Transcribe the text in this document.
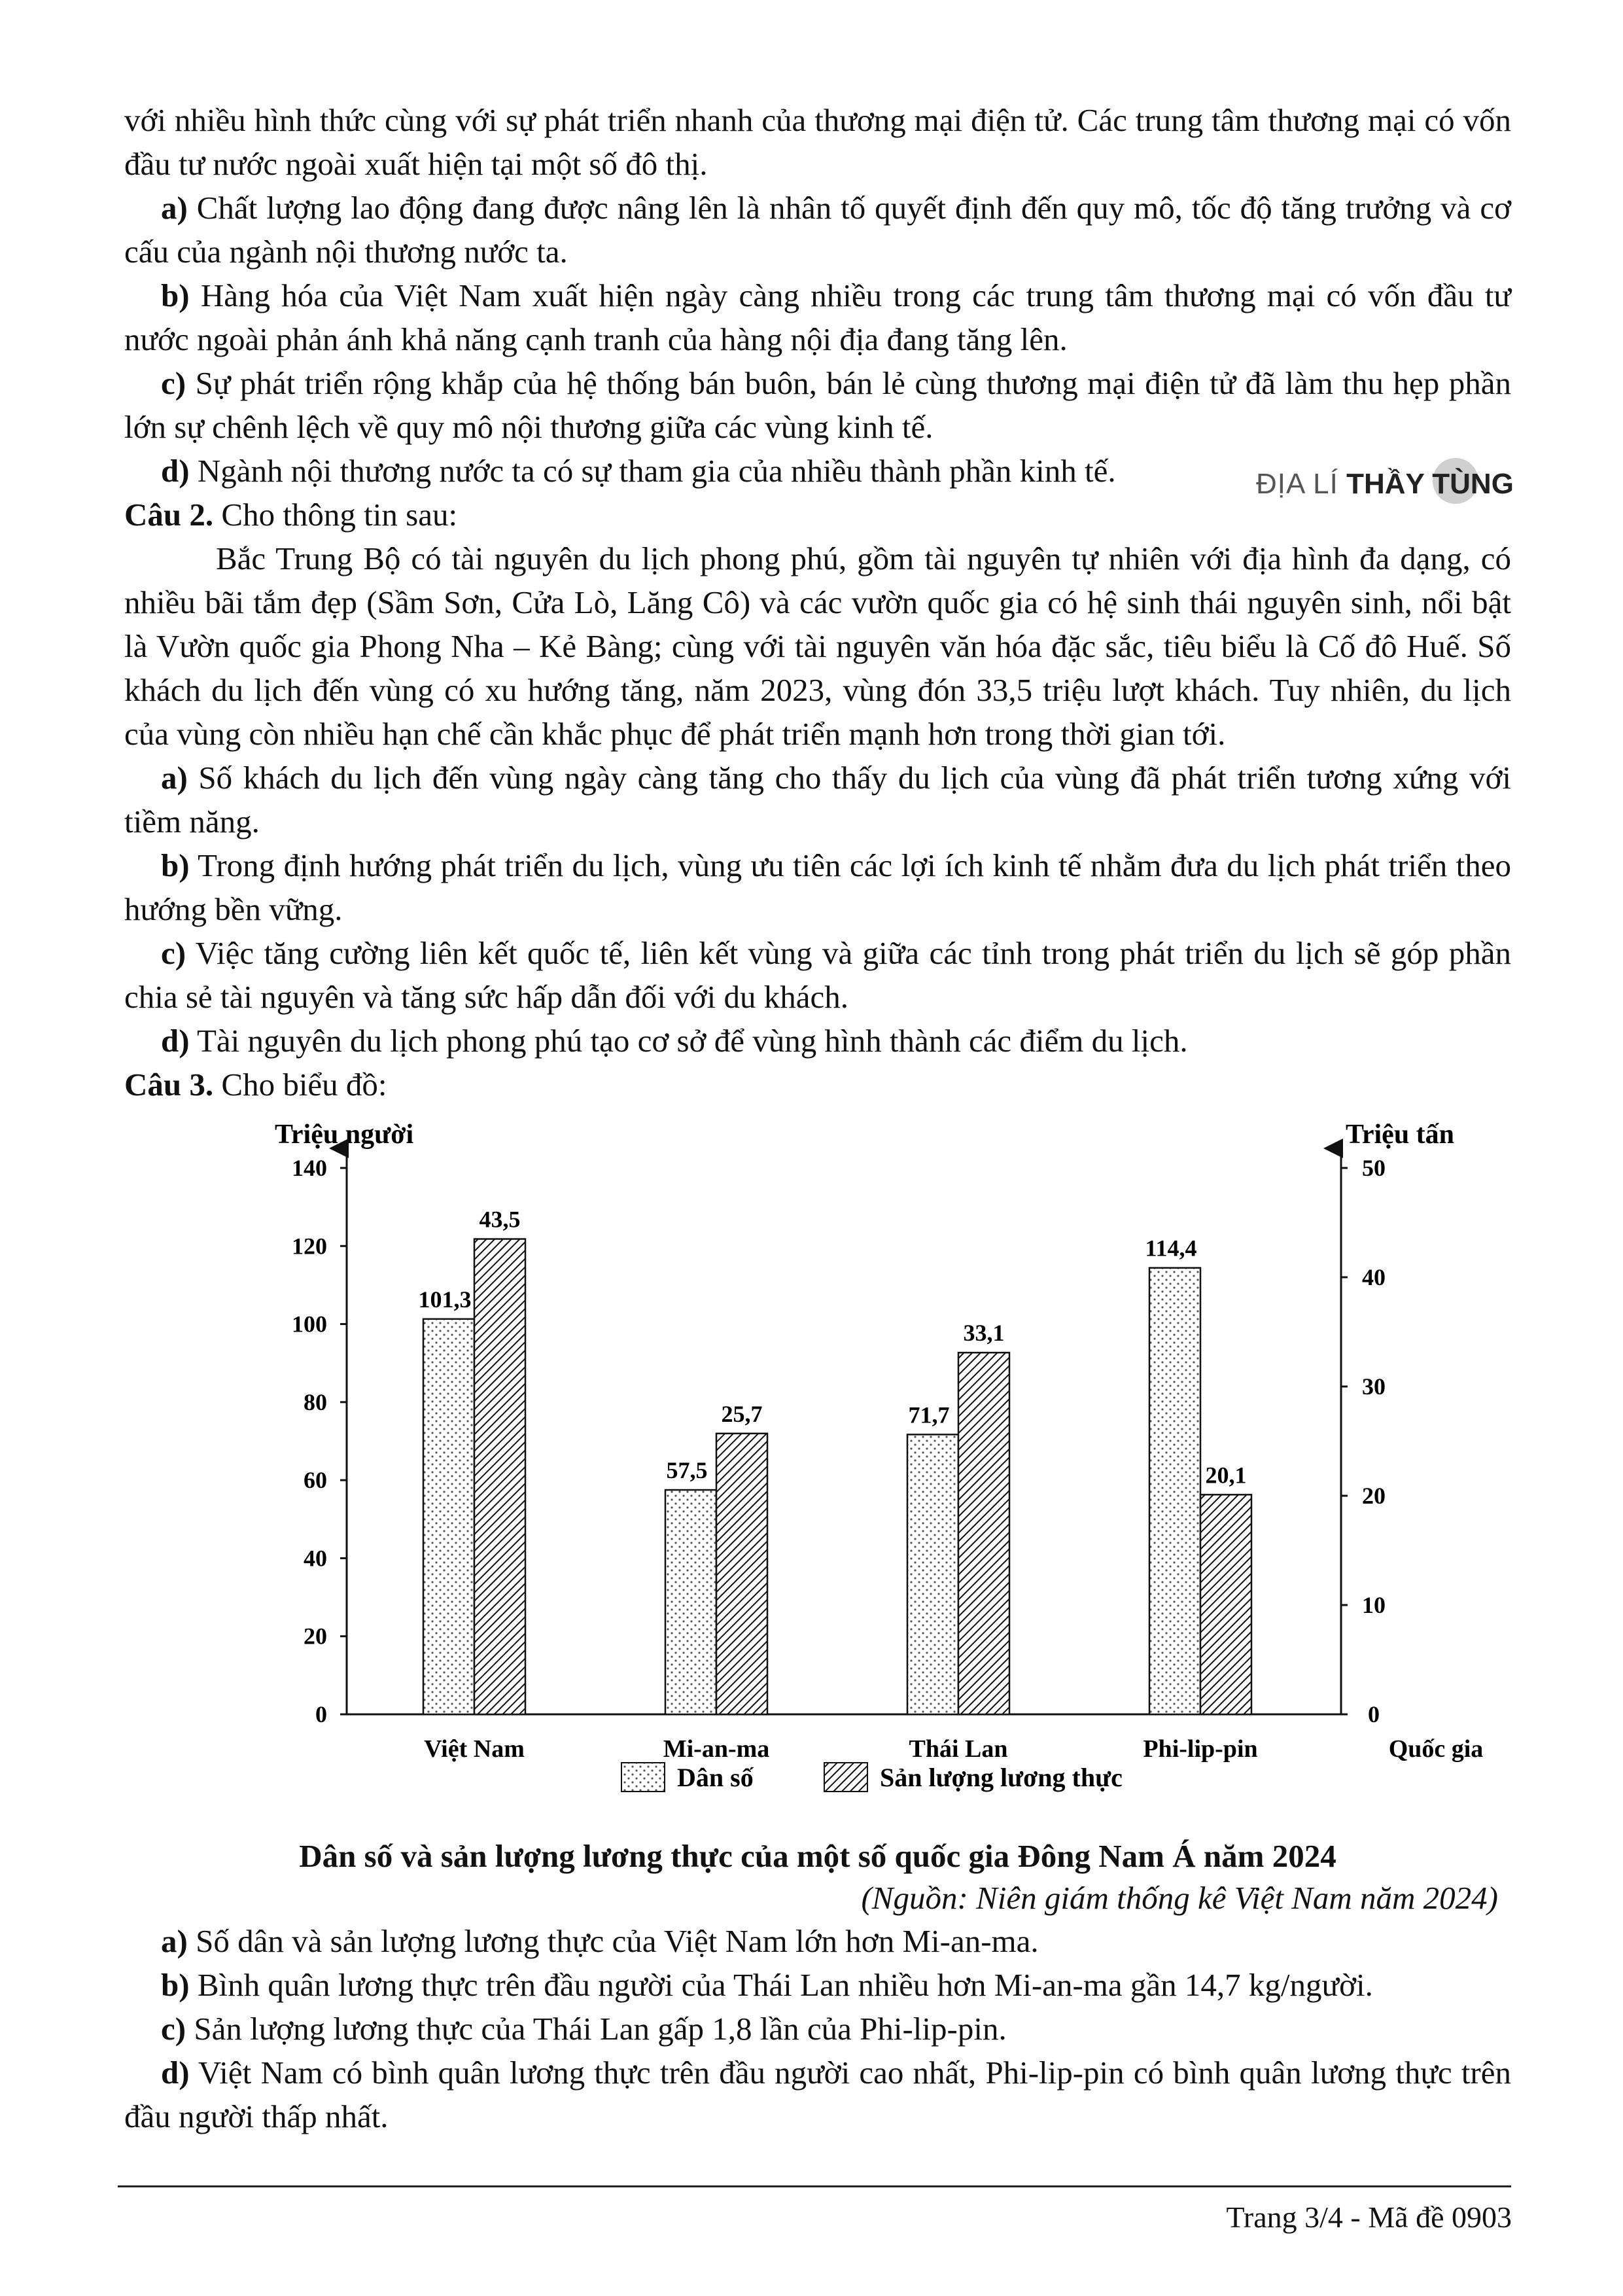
với nhiều hình thức cùng với sự phát triển nhanh của thương mại điện tử. Các trung tâm thương mại có vốn đầu tư nước ngoài xuất hiện tại một số đô thị.

a) Chất lượng lao động đang được nâng lên là nhân tố quyết định đến quy mô, tốc độ tăng trưởng và cơ cấu của ngành nội thương nước ta.

b) Hàng hóa của Việt Nam xuất hiện ngày càng nhiều trong các trung tâm thương mại có vốn đầu tư nước ngoài phản ánh khả năng cạnh tranh của hàng nội địa đang tăng lên.

c) Sự phát triển rộng khắp của hệ thống bán buôn, bán lẻ cùng thương mại điện tử đã làm thu hẹp phần lớn sự chênh lệch về quy mô nội thương giữa các vùng kinh tế.

d) Ngành nội thương nước ta có sự tham gia của nhiều thành phần kinh tế.

Câu 2. Cho thông tin sau:

Bắc Trung Bộ có tài nguyên du lịch phong phú, gồm tài nguyên tự nhiên với địa hình đa dạng, có nhiều bãi tắm đẹp (Sầm Sơn, Cửa Lò, Lăng Cô) và các vườn quốc gia có hệ sinh thái nguyên sinh, nổi bật là Vườn quốc gia Phong Nha – Kẻ Bàng; cùng với tài nguyên văn hóa đặc sắc, tiêu biểu là Cố đô Huế. Số khách du lịch đến vùng có xu hướng tăng, năm 2023, vùng đón 33,5 triệu lượt khách. Tuy nhiên, du lịch của vùng còn nhiều hạn chế cần khắc phục để phát triển mạnh hơn trong thời gian tới.

a) Số khách du lịch đến vùng ngày càng tăng cho thấy du lịch của vùng đã phát triển tương xứng với tiềm năng.

b) Trong định hướng phát triển du lịch, vùng ưu tiên các lợi ích kinh tế nhằm đưa du lịch phát triển theo hướng bền vững.

c) Việc tăng cường liên kết quốc tế, liên kết vùng và giữa các tỉnh trong phát triển du lịch sẽ góp phần chia sẻ tài nguyên và tăng sức hấp dẫn đối với du khách.

d) Tài nguyên du lịch phong phú tạo cơ sở để vùng hình thành các điểm du lịch.

Câu 3. Cho biểu đồ:

Triệu người	Triệu tấn
0
20
40
60
80
100
120
140
0
10
20
30
40
50
Quốc gia
101,3
43,5
Việt Nam
57,5
25,7
Mi-an-ma
71,7
33,1
Thái Lan
114,4
20,1
Phi-lip-pin
Dân số	Sản lượng lương thực

Dân số và sản lượng lương thực của một số quốc gia Đông Nam Á năm 2024

(Nguồn: Niên giám thống kê Việt Nam năm 2024)

a) Số dân và sản lượng lương thực của Việt Nam lớn hơn Mi-an-ma.

b) Bình quân lương thực trên đầu người của Thái Lan nhiều hơn Mi-an-ma gần 14,7 kg/người.

c) Sản lượng lương thực của Thái Lan gấp 1,8 lần của Phi-lip-pin.

d) Việt Nam có bình quân lương thực trên đầu người cao nhất, Phi-lip-pin có bình quân lương thực trên đầu người thấp nhất.

ĐỊA LÍ THẦY TÙNG
Trang 3/4 - Mã đề 0903
